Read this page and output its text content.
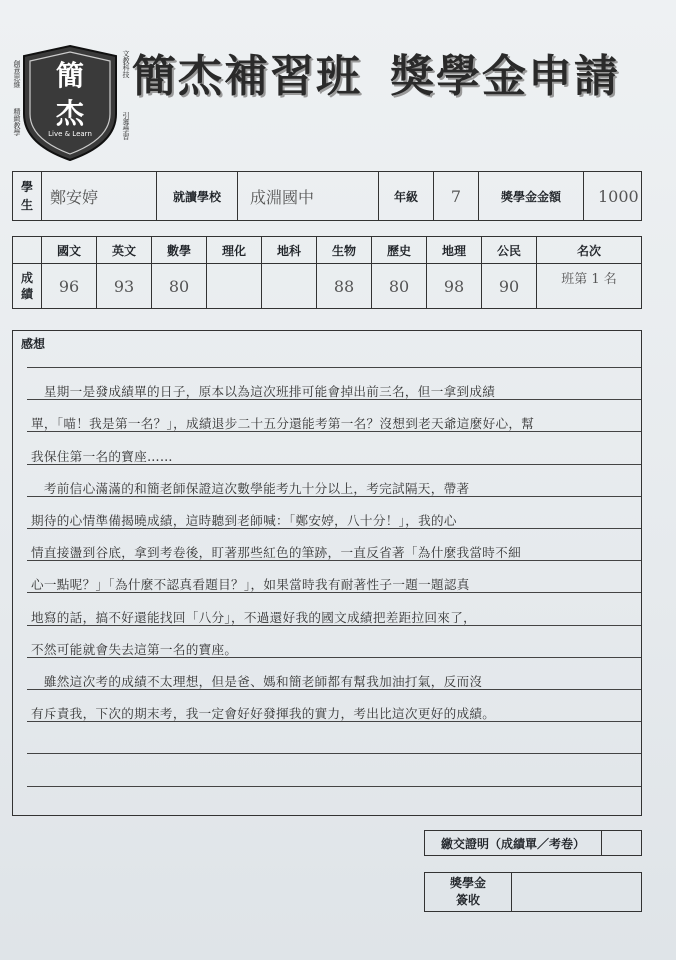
簡
杰
Live & Learn
創意思維
精緻教學
文教科技
引導學習
簡杰補習班 獎學金申請
學生	鄭安婷	就讀學校	成淵國中	年級	7	獎學金金額	1000
	國文	英文	數學	理化	地科	生物	歷史	地理	公民	名次

成績	96	93	80			88	80	98	90	班第 1 名
感想
　星期一是發成績單的日子，原本以為這次班排可能會掉出前三名，但一拿到成績
單，「喵！我是第一名？」，成績退步二十五分還能考第一名？沒想到老天爺這麼好心，幫
我保住第一名的寶座……
　考前信心滿滿的和簡老師保證這次數學能考九十分以上，考完試隔天，帶著
期待的心情準備揭曉成績，這時聽到老師喊：「鄭安婷，八十分！」，我的心
情直接盪到谷底，拿到考卷後，盯著那些紅色的筆跡，一直反省著「為什麼我當時不細
心一點呢？」「為什麼不認真看題目？」，如果當時我有耐著性子一題一題認真
地寫的話，搞不好還能找回「八分」，不過還好我的國文成績把差距拉回來了，
不然可能就會失去這第一名的寶座。
　雖然這次考的成績不太理想，但是爸、媽和簡老師都有幫我加油打氣，反而沒
有斥責我，下次的期末考，我一定會好好發揮我的實力，考出比這次更好的成績。
繳交證明（成績單／考卷）	
獎學金
簽收
